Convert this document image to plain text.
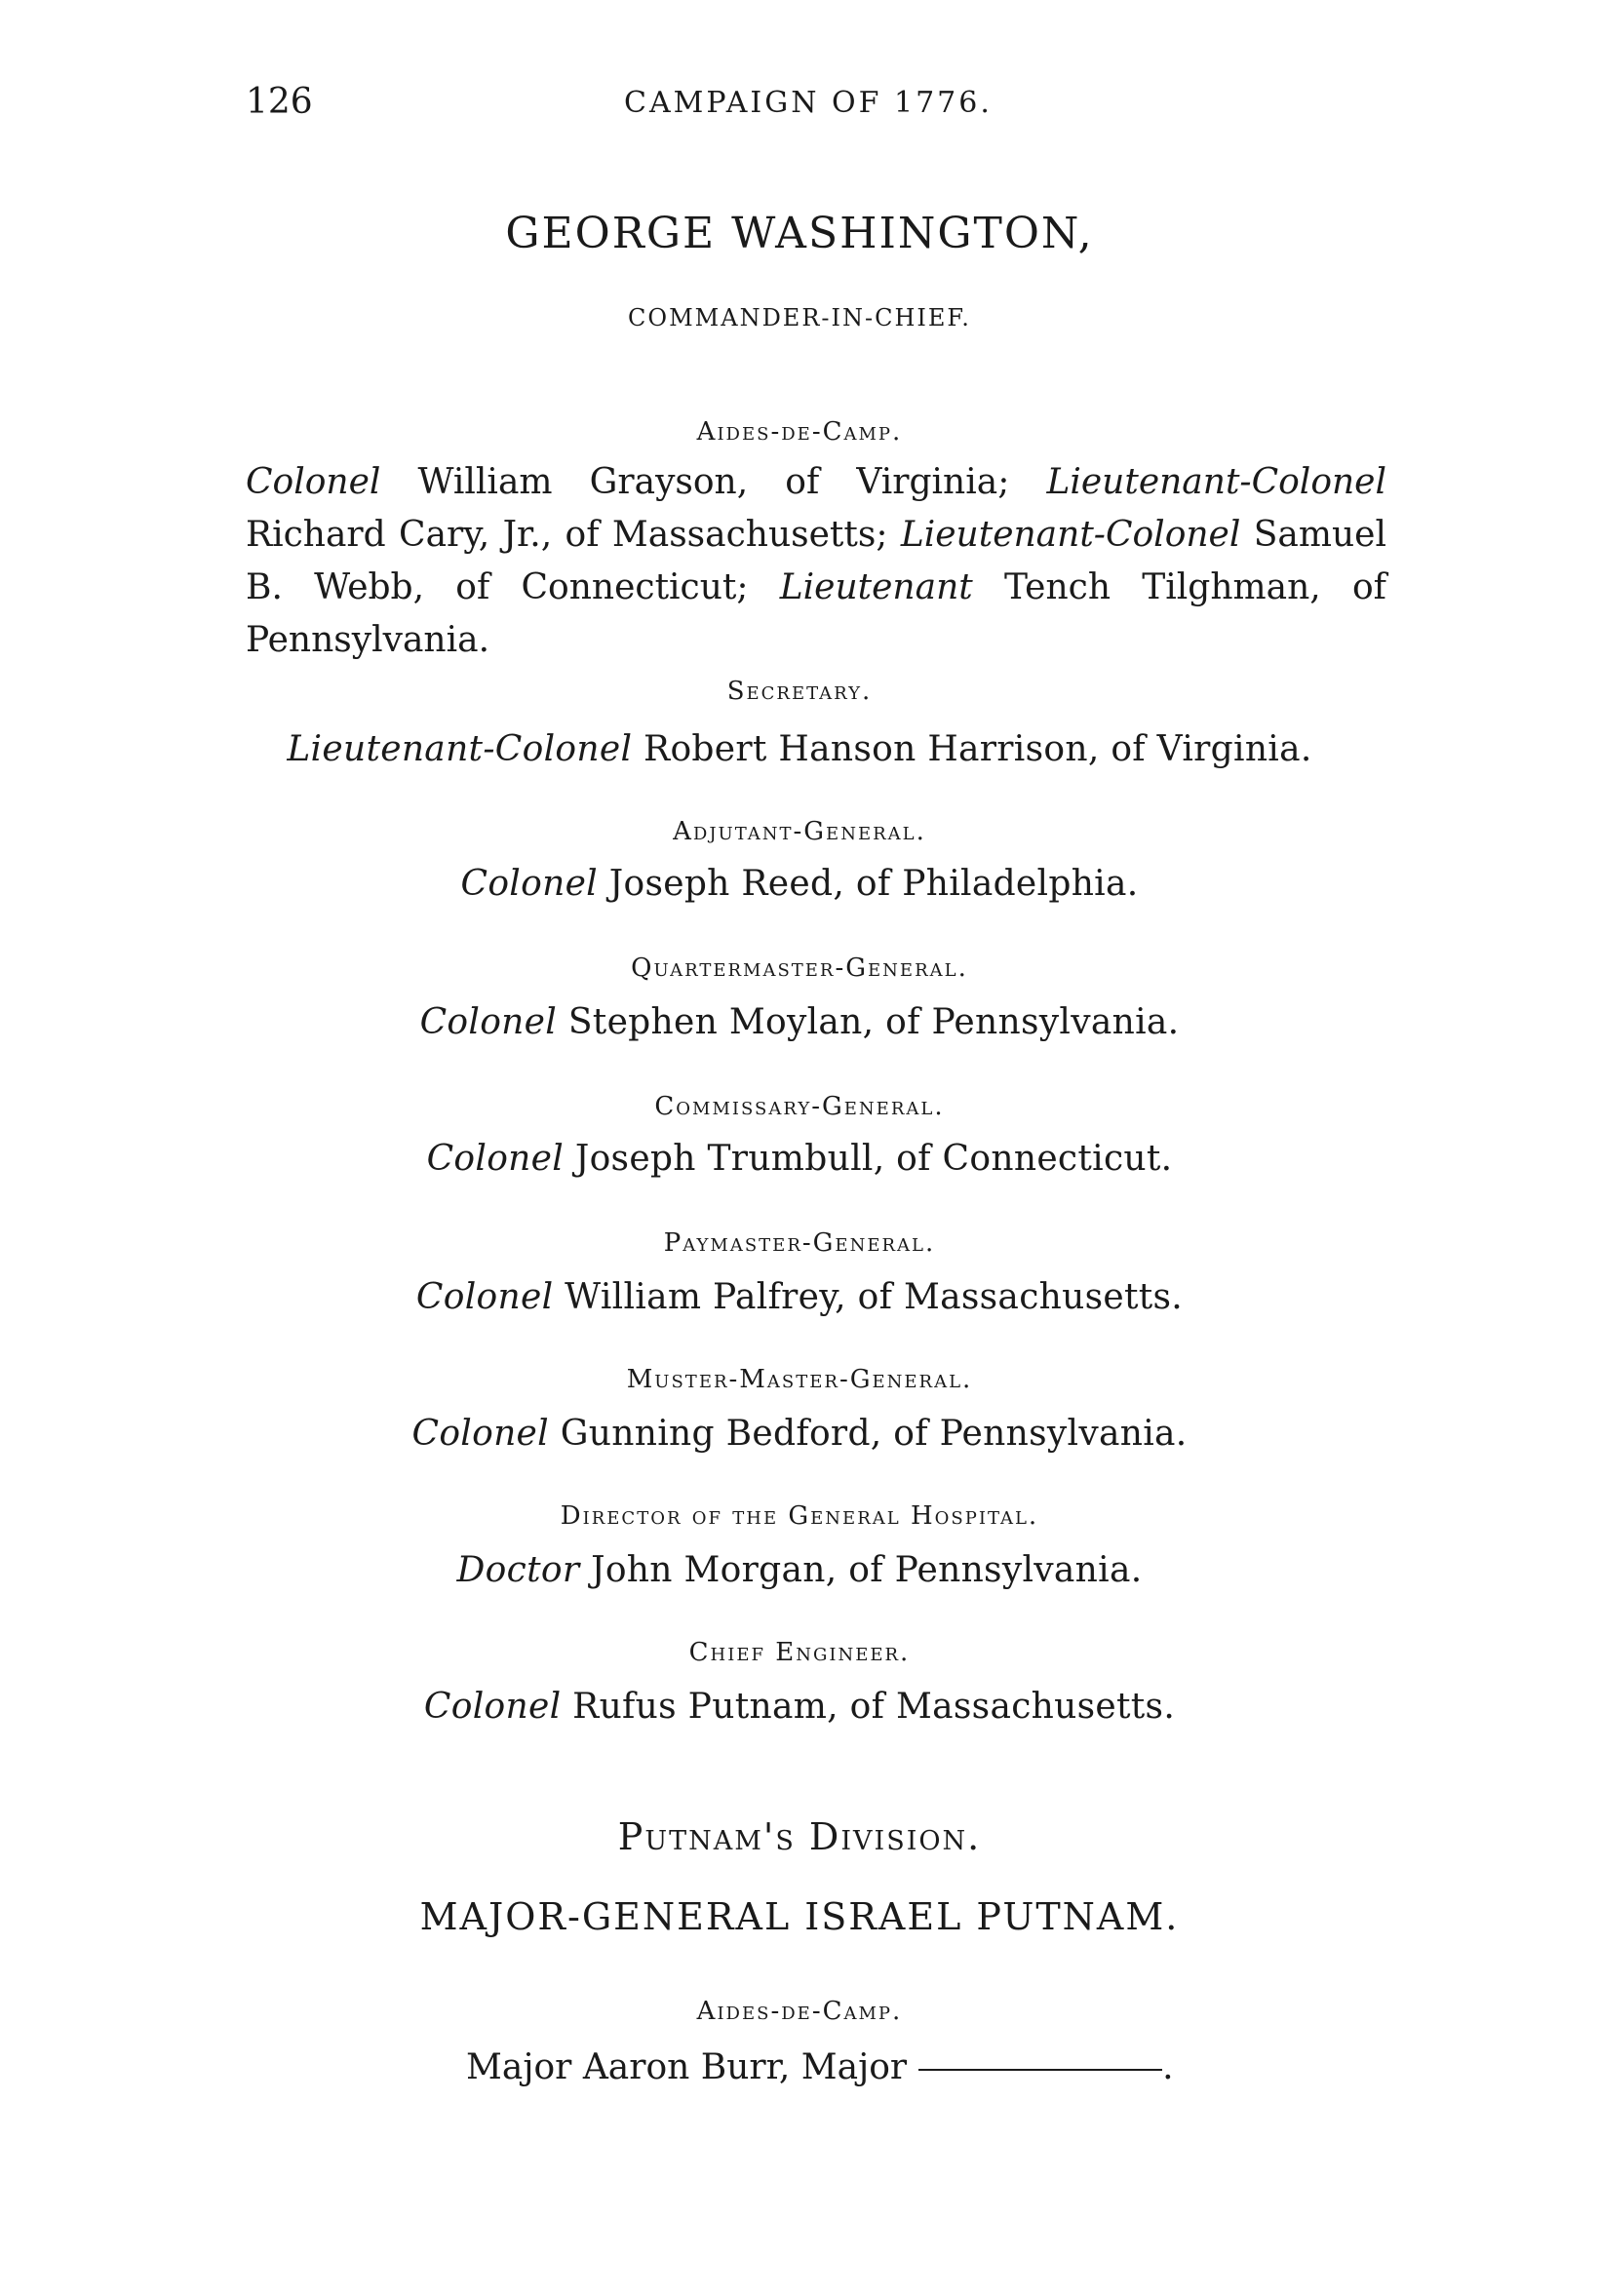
126	CAMPAIGN OF 1776.
GEORGE WASHINGTON,
COMMANDER-IN-CHIEF.
Aides-de-Camp.
Colonel William Grayson, of Virginia; Lieutenant-Colonel Richard Cary, Jr., of Massachusetts; Lieutenant-Colonel Samuel B. Webb, of Connecticut; Lieutenant Tench Tilghman, of Pennsylvania.
Secretary.
Lieutenant-Colonel Robert Hanson Harrison, of Virginia.
Adjutant-General.
Colonel Joseph Reed, of Philadelphia.
Quartermaster-General.
Colonel Stephen Moylan, of Pennsylvania.
Commissary-General.
Colonel Joseph Trumbull, of Connecticut.
Paymaster-General.
Colonel William Palfrey, of Massachusetts.
Muster-Master-General.
Colonel Gunning Bedford, of Pennsylvania.
Director of the General Hospital.
Doctor John Morgan, of Pennsylvania.
Chief Engineer.
Colonel Rufus Putnam, of Massachusetts.
Putnam's Division.
MAJOR-GENERAL ISRAEL PUTNAM.
Aides-de-Camp.
Major Aaron Burr, Major	.
